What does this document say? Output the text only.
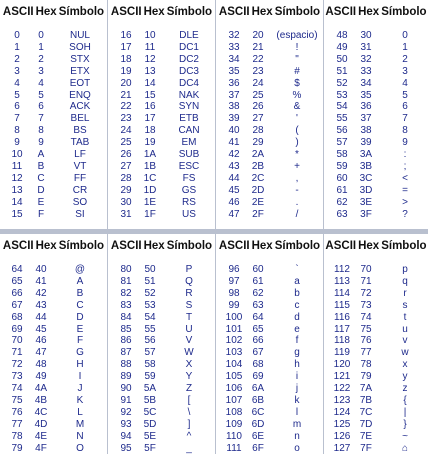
ASCII Hex Símbolo
0	0	NUL
1	1	SOH
2	2	STX
3	3	ETX
4	4	EOT
5	5	ENQ
6	6	ACK
7	7	BEL
8	8	BS
9	9	TAB
10	A	LF
11	B	VT
12	C	FF
13	D	CR
14	E	SO
15	F	SI
ASCII Hex Símbolo
16	10	DLE
17	11	DC1
18	12	DC2
19	13	DC3
20	14	DC4
21	15	NAK
22	16	SYN
23	17	ETB
24	18	CAN
25	19	EM
26	1A	SUB
27	1B	ESC
28	1C	FS
29	1D	GS
30	1E	RS
31	1F	US
ASCII Hex Símbolo
32	20	(espacio)
33	21	!
34	22	"
35	23	#
36	24	$
37	25	%
38	26	&
39	27	'
40	28	(
41	29	)
42	2A	*
43	2B	+
44	2C	,
45	2D	-
46	2E	.
47	2F	/
ASCII Hex Símbolo
48	30	0
49	31	1
50	32	2
51	33	3
52	34	4
53	35	5
54	36	6
55	37	7
56	38	8
57	39	9
58	3A	:
59	3B	;
60	3C	<
61	3D	=
62	3E	>
63	3F	?
ASCII Hex Símbolo
64	40	@
65	41	A
66	42	B
67	43	C
68	44	D
69	45	E
70	46	F
71	47	G
72	48	H
73	49	I
74	4A	J
75	4B	K
76	4C	L
77	4D	M
78	4E	N
79	4F	O
ASCII Hex Símbolo
80	50	P
81	51	Q
82	52	R
83	53	S
84	54	T
85	55	U
86	56	V
87	57	W
88	58	X
89	59	Y
90	5A	Z
91	5B	[
92	5C	\
93	5D	]
94	5E	^
95	5F	_
ASCII Hex Símbolo
96	60	`
97	61	a
98	62	b
99	63	c
100	64	d
101	65	e
102	66	f
103	67	g
104	68	h
105	69	i
106 6A	j
107 6B	k
108 6C	l
109 6D	m
110 6E	n
111	6F	o
ASCII Hex Símbolo
112	70	p
113	71	q
114	72	r
115	73	s
116	74	t
117	75	u
118	76	v
119	77	w
120	78	x
121	79	y
122 7A	z
123 7B	{
124 7C	|
125 7D	}
126 7E	~
127 7F	⌂
